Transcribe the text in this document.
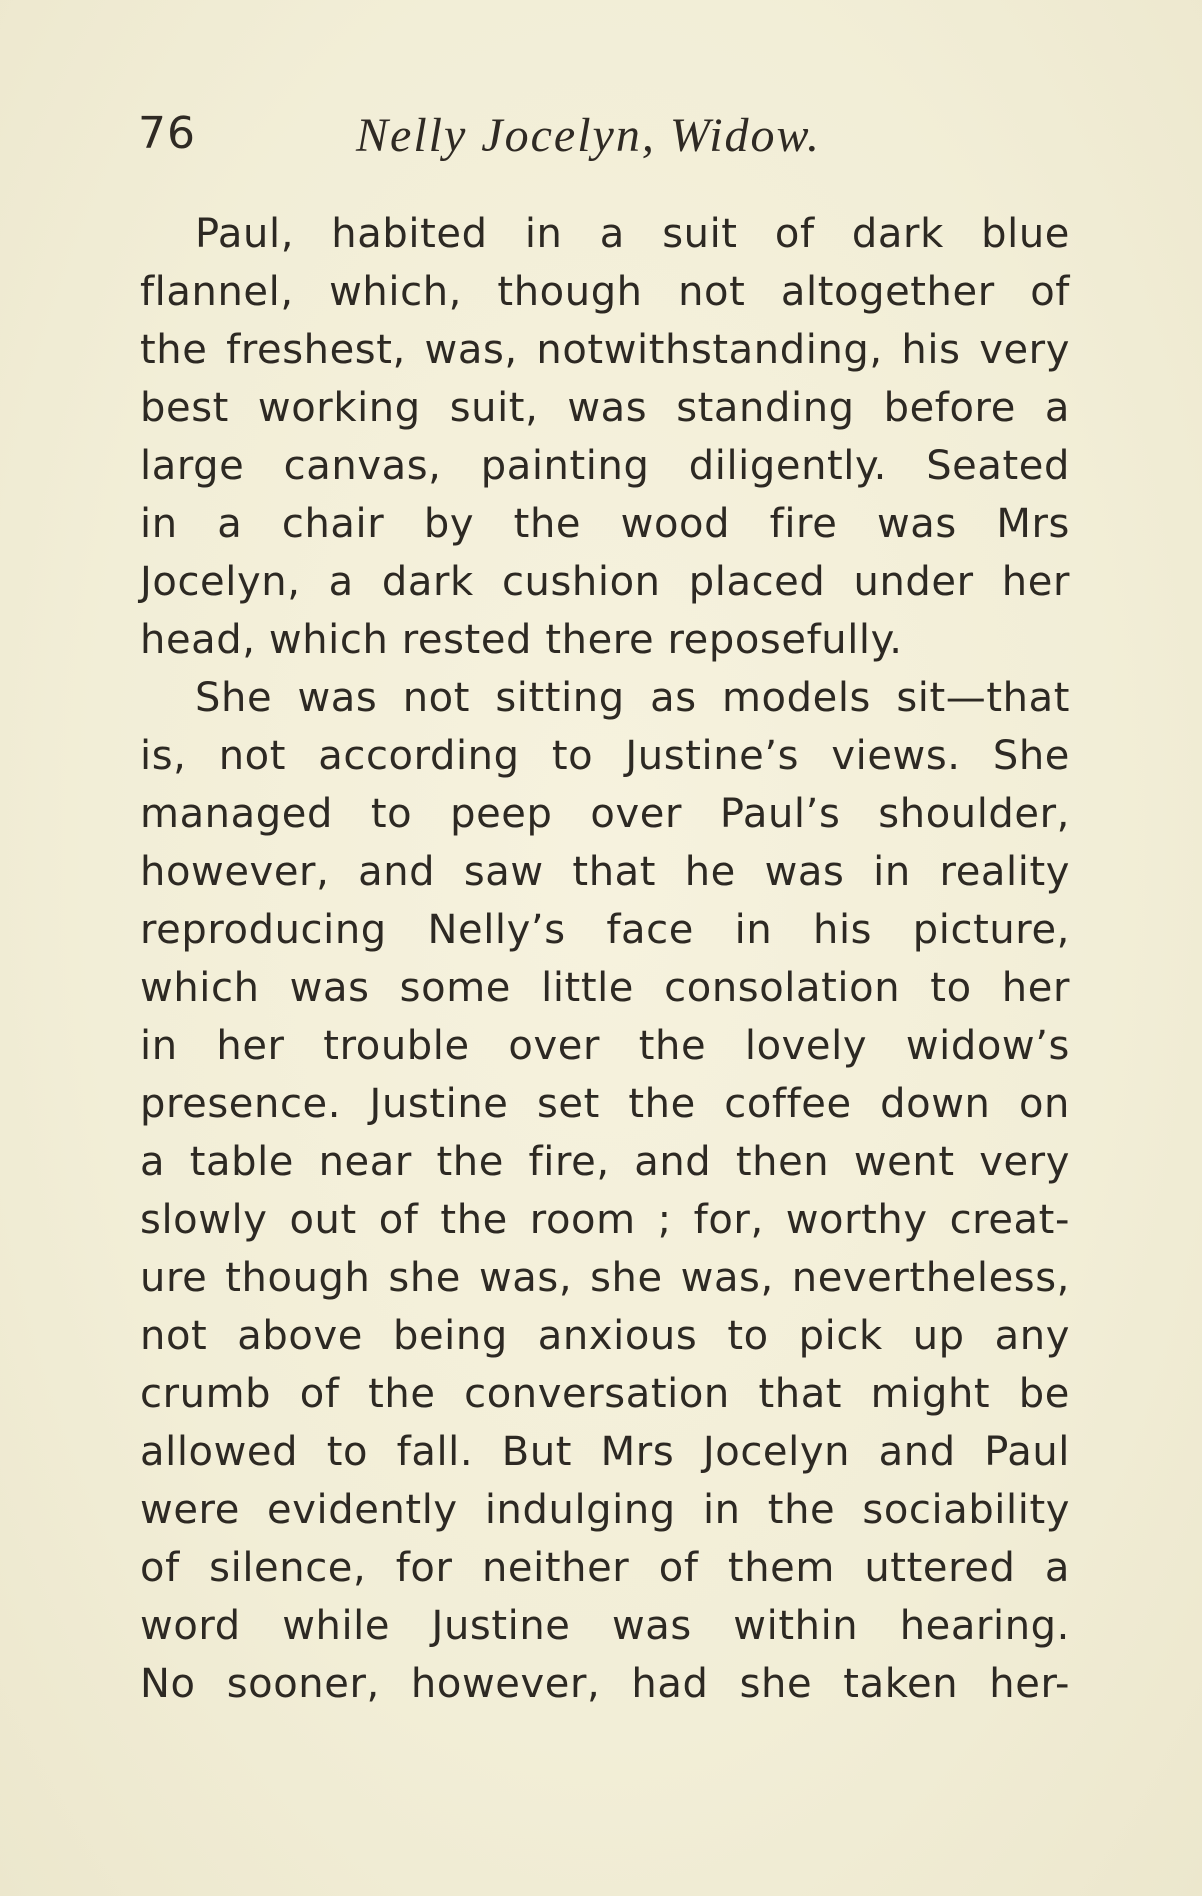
76	Nelly Jocelyn, Widow.
Paul, habited in a suit of dark blue
flannel, which, though not altogether of
the freshest, was, notwithstanding, his very
best working suit, was standing before a
large canvas, painting diligently. Seated
in a chair by the wood fire was Mrs
Jocelyn, a dark cushion placed under her
head, which rested there reposefully.
She was not sitting as models sit—that
is, not according to Justine’s views. She
managed to peep over Paul’s shoulder,
however, and saw that he was in reality
reproducing Nelly’s face in his picture,
which was some little consolation to her
in her trouble over the lovely widow’s
presence. Justine set the coffee down on
a table near the fire, and then went very
slowly out of the room ; for, worthy creat-
ure though she was, she was, nevertheless,
not above being anxious to pick up any
crumb of the conversation that might be
allowed to fall. But Mrs Jocelyn and Paul
were evidently indulging in the sociability
of silence, for neither of them uttered a
word while Justine was within hearing.
No sooner, however, had she taken her-
